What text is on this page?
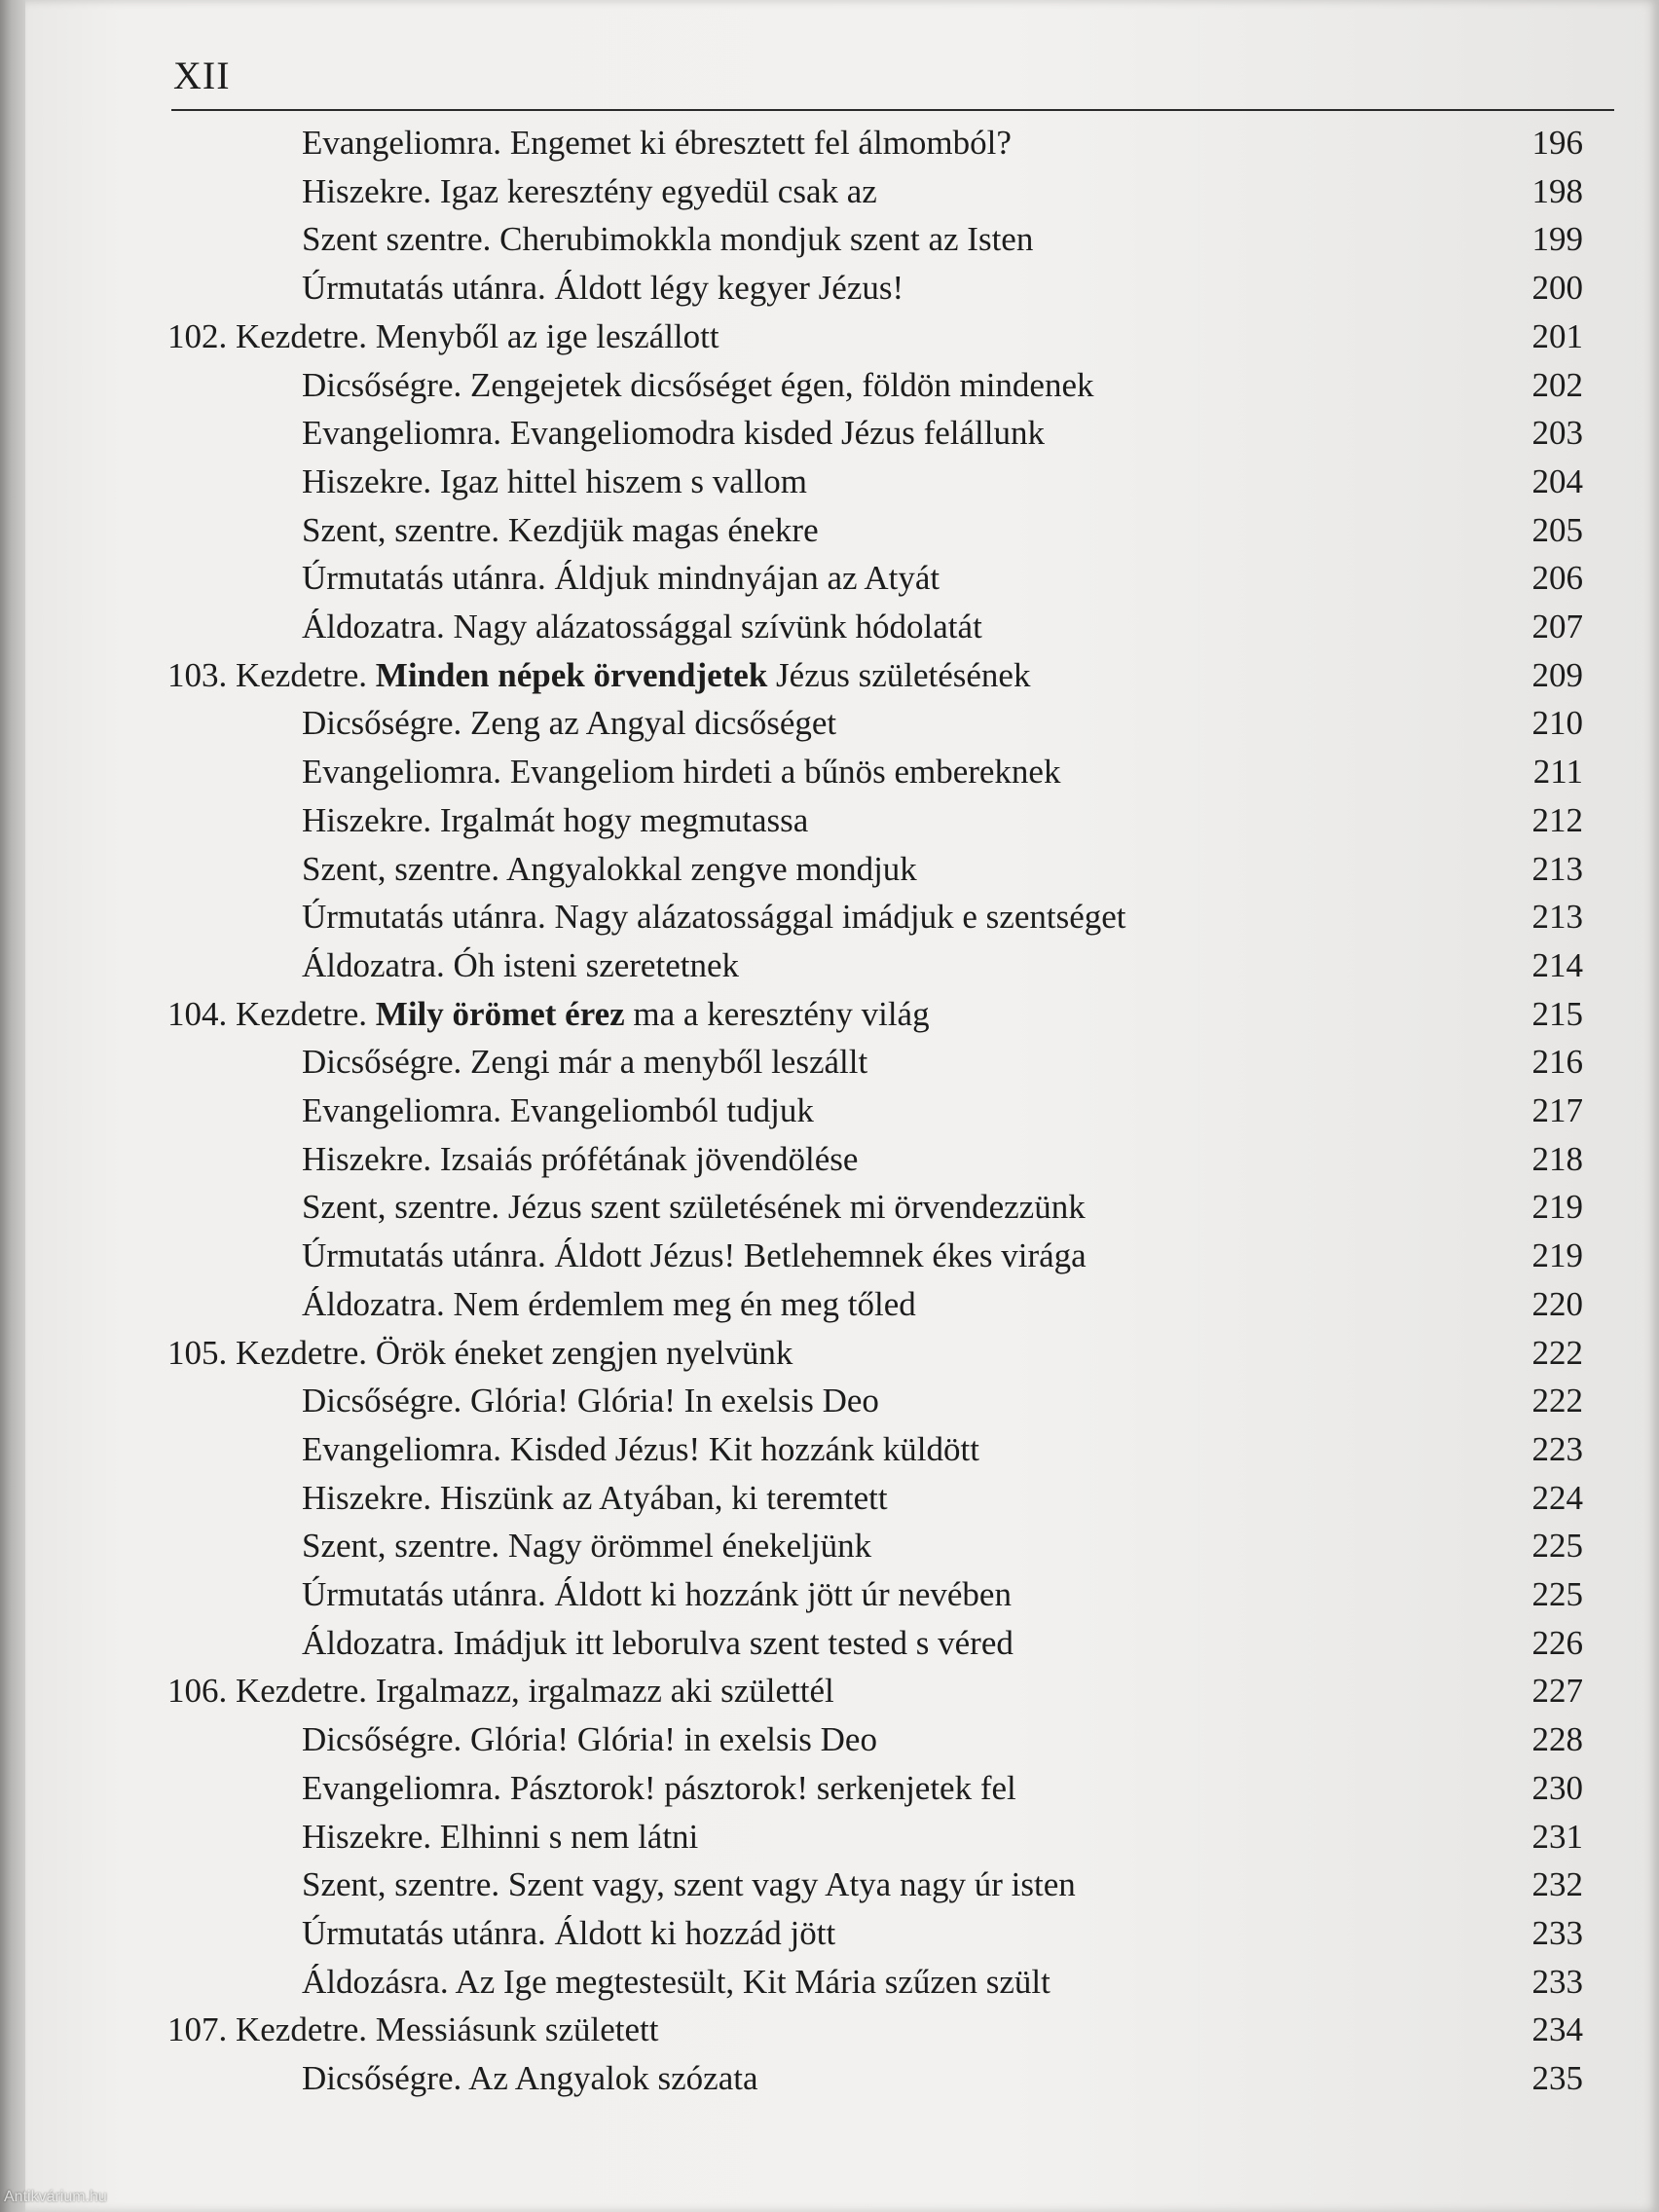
XII
Evangeliomra. Engemet ki ébresztett fel álmomból?	196
Hiszekre. Igaz keresztény egyedül csak az	198
Szent szentre. Cherubimokkla mondjuk szent az Isten	199
Úrmutatás utánra. Áldott légy kegyer Jézus!	200
102. Kezdetre. Menyből az ige leszállott	201
Dicsőségre. Zengejetek dicsőséget égen, földön mindenek	202
Evangeliomra. Evangeliomodra kisded Jézus felállunk	203
Hiszekre. Igaz hittel hiszem s vallom	204
Szent, szentre. Kezdjük magas énekre	205
Úrmutatás utánra. Áldjuk mindnyájan az Atyát	206
Áldozatra. Nagy alázatossággal szívünk hódolatát	207
103. Kezdetre. Minden népek örvendjetek Jézus születésének	209
Dicsőségre. Zeng az Angyal dicsőséget	210
Evangeliomra. Evangeliom hirdeti a bűnös embereknek	211
Hiszekre. Irgalmát hogy megmutassa	212
Szent, szentre. Angyalokkal zengve mondjuk	213
Úrmutatás utánra. Nagy alázatossággal imádjuk e szentséget	213
Áldozatra. Óh isteni szeretetnek	214
104. Kezdetre. Mily örömet érez ma a keresztény világ	215
Dicsőségre. Zengi már a menyből leszállt	216
Evangeliomra. Evangeliomból tudjuk	217
Hiszekre. Izsaiás prófétának jövendölése	218
Szent, szentre. Jézus szent születésének mi örvendezzünk	219
Úrmutatás utánra. Áldott Jézus! Betlehemnek ékes virága	219
Áldozatra. Nem érdemlem meg én meg tőled	220
105. Kezdetre. Örök éneket zengjen nyelvünk	222
Dicsőségre. Glória! Glória! In exelsis Deo	222
Evangeliomra. Kisded Jézus! Kit hozzánk küldött	223
Hiszekre. Hiszünk az Atyában, ki teremtett	224
Szent, szentre. Nagy örömmel énekeljünk	225
Úrmutatás utánra. Áldott ki hozzánk jött úr nevében	225
Áldozatra. Imádjuk itt leborulva szent tested s véred	226
106. Kezdetre. Irgalmazz, irgalmazz aki születtél	227
Dicsőségre. Glória! Glória! in exelsis Deo	228
Evangeliomra. Pásztorok! pásztorok! serkenjetek fel	230
Hiszekre. Elhinni s nem látni	231
Szent, szentre. Szent vagy, szent vagy Atya nagy úr isten	232
Úrmutatás utánra. Áldott ki hozzád jött	233
Áldozásra. Az Ige megtestesült, Kit Mária szűzen szült	233
107. Kezdetre. Messiásunk született	234
Dicsőségre. Az Angyalok szózata	235
Antikvárium.hu
